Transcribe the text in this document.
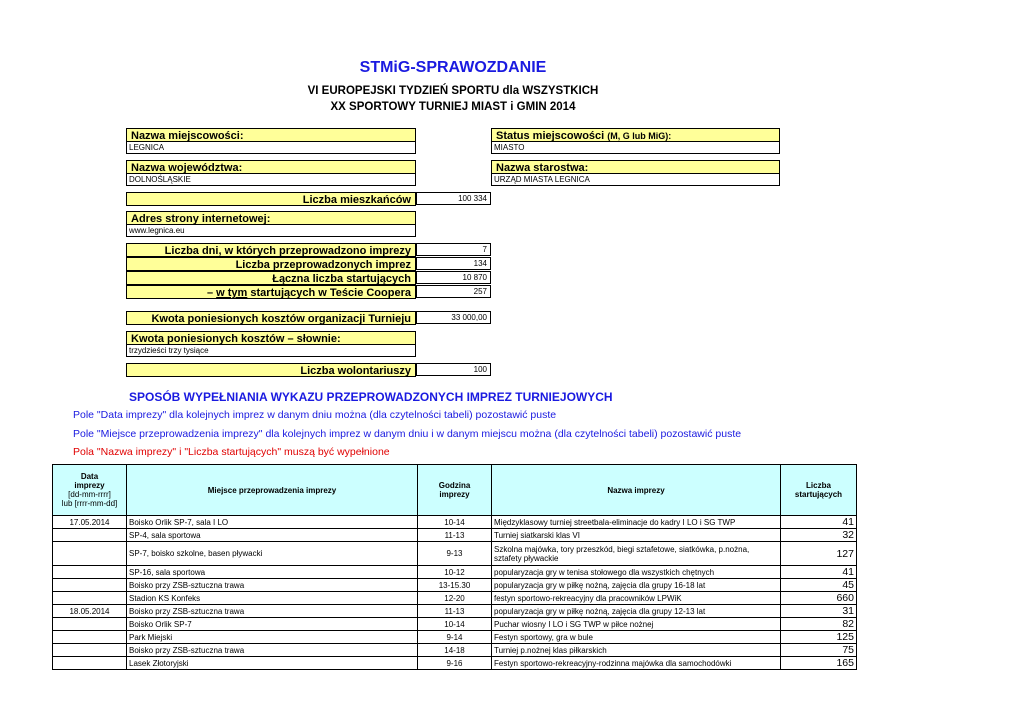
STMiG-SPRAWOZDANIE
VI EUROPEJSKI TYDZIEŃ SPORTU dla WSZYSTKICH
XX SPORTOWY TURNIEJ MIAST i GMIN 2014
Nazwa miejscowości:
LEGNICA
Status miejscowości (M, G lub MiG):
MIASTO
Nazwa województwa:
DOLNOŚLĄSKIE
Nazwa starostwa:
URZĄD MIASTA LEGNICA
Liczba mieszkańców	100 334
Adres strony internetowej:
www.legnica.eu
Liczba dni, w których przeprowadzono imprezy	7
Liczba przeprowadzonych imprez	134
Łączna liczba startujących	10 870
– w tym startujących w Teście Coopera	257
Kwota poniesionych kosztów organizacji Turnieju	33 000,00
Kwota poniesionych kosztów – słownie:
trzydzieści trzy tysiące
Liczba wolontariuszy	100
SPOSÓB WYPEŁNIANIA WYKAZU PRZEPROWADZONYCH IMPREZ TURNIEJOWYCH
Pole "Data imprezy" dla kolejnych imprez w danym dniu można (dla czytelności tabeli) pozostawić puste
Pole "Miejsce przeprowadzenia imprezy" dla kolejnych imprez w danym dniu i w danym miejscu można (dla czytelności tabeli) pozostawić puste
Pola "Nazwa imprezy" i "Liczba startujących" muszą być wypełnione
Data
imprezy
[dd-mm-rrrr]
lub [rrrr-mm-dd]	Miejsce przeprowadzenia imprezy	Godzina
imprezy	Nazwa imprezy	Liczba
startujących
17.05.2014	Boisko Orlik SP-7, sala I LO	10-14	Międzyklasowy turniej streetbala-eliminacje do kadry I LO i SG TWP	41
	SP-4, sala sportowa	11-13	Turniej siatkarski klas VI	32
	SP-7, boisko szkolne, basen pływacki	9-13	Szkolna majówka, tory przeszkód, biegi sztafetowe, siatkówka, p.nożna, sztafety pływackie	127
	SP-16, sala sportowa	10-12	popularyzacja gry w tenisa stołowego dla wszystkich chętnych	41
	Boisko przy ZSB-sztuczna trawa	13-15.30	popularyzacja gry w piłkę nożną, zajęcia dla grupy 16-18 lat	45
	Stadion KS Konfeks	12-20	festyn sportowo-rekreacyjny dla pracowników LPWiK	660
18.05.2014	Boisko przy ZSB-sztuczna trawa	11-13	popularyzacja gry w piłkę nożną, zajęcia dla grupy 12-13 lat	31
	Boisko Orlik SP-7	10-14	Puchar wiosny I LO i SG TWP w piłce nożnej	82
	Park Miejski	9-14	Festyn sportowy, gra w bule	125
	Boisko przy ZSB-sztuczna trawa	14-18	Turniej p.nożnej klas piłkarskich	75
	Lasek Złotoryjski	9-16	Festyn sportowo-rekreacyjny-rodzinna majówka dla samochodówki	165
